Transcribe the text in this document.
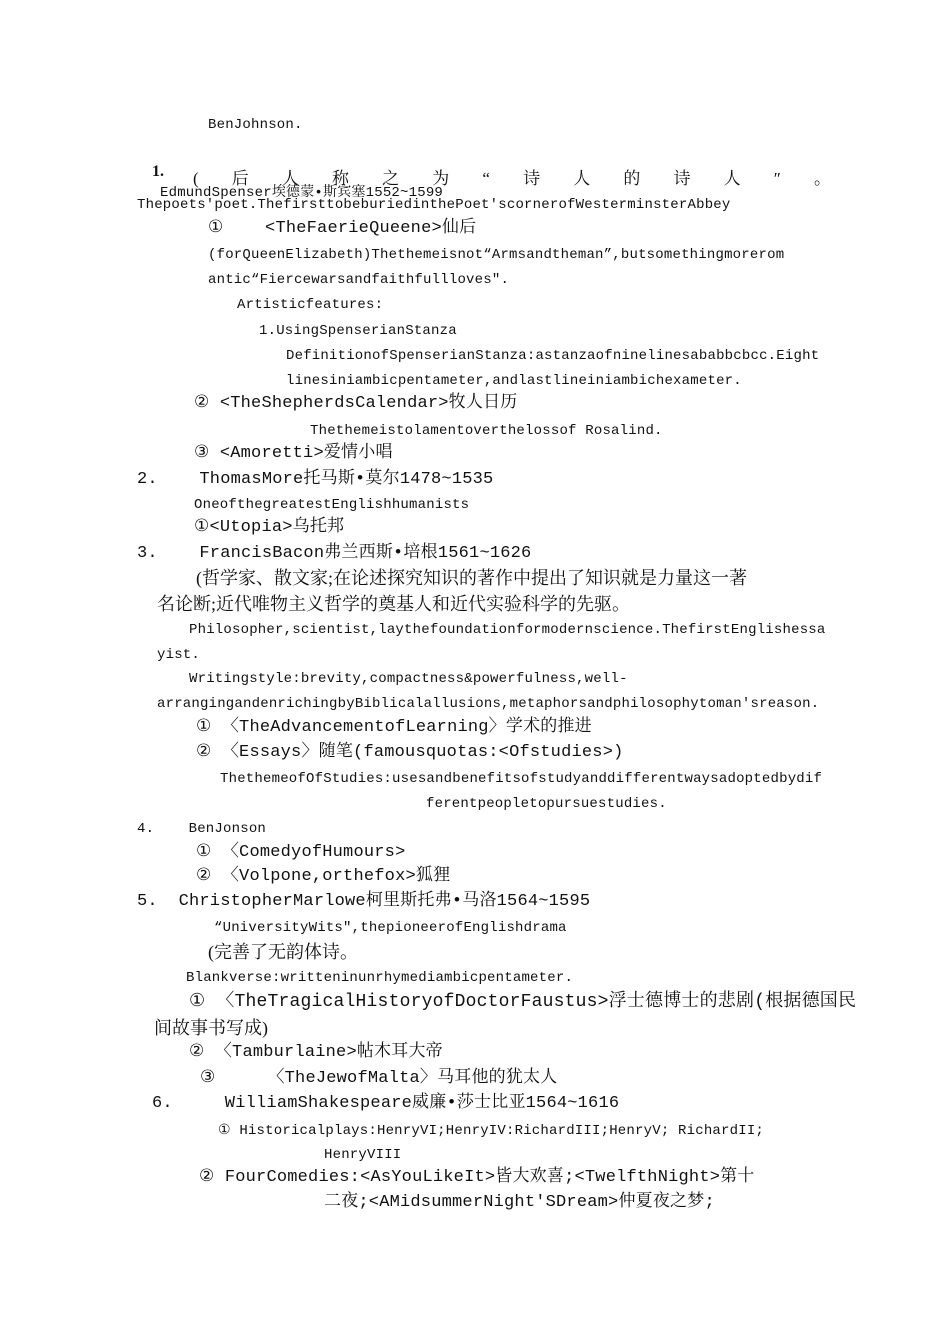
BenJohnson.

1.
EdmundSpenser埃德蒙•斯宾塞1552~1599

( 后 人 称 之 为 “ 诗 人 的 诗 人 ″ 。
Thepoets'poet.ThefirsttobeburiedinthePoet'scornerofWesterminsterAbbey
①    <TheFaerieQueene>仙后
(forQueenElizabeth)Thethemeisnot“Armsandtheman”,butsomethingmorerom
antic“Fiercewarsandfaithfullloves″.
Artisticfeatures:
1.UsingSpenserianStanza
DefinitionofSpenserianStanza:astanzaofninelinesababbcbcc.Eight
linesiniambicpentameter,andlastlineiniambichexameter.
② <TheShepherdsCalendar>牧人日历
Thethemeistolamentoverthelossof Rosalind.
③ <Amoretti>爱情小唱
2.    ThomasMore托马斯•莫尔1478~1535
OneofthegreatestEnglishhumanists
①<Utopia>乌托邦
3.    FrancisBacon弗兰西斯•培根1561~1626
(哲学家、散文家;在论述探究知识的著作中提出了知识就是力量这一著
名论断;近代唯物主义哲学的奠基人和近代实验科学的先驱。
Philosopher,scientist,laythefoundationformodernscience.ThefirstEnglishessa
yist.
Writingstyle:brevity,compactness&powerfulness,well-
arrangingandenrichingbyBiblicalallusions,metaphorsandphilosophytoman'sreason.
① 〈TheAdvancementofLearning〉学术的推进
② 〈Essays〉随笔(famousquotas:<Ofstudies>)
ThethemeofOfStudies:usesandbenefitsofstudyanddifferentwaysadoptedbydif
ferentpeopletopursuestudies.
4.    BenJonson
① 〈ComedyofHumours>
② 〈Volpone,orthefox>狐狸
5.  ChristopherMarlowe柯里斯托弗•马洛1564~1595
“UniversityWits″,thepioneerofEnglishdrama
(完善了无韵体诗。
Blankverse:writteninunrhymediambicpentameter.
① 〈TheTragicalHistoryofDoctorFaustus>浮士德博士的悲剧(根据德国民
间故事书写成)
② 〈Tamburlaine>帖木耳大帝
③     〈TheJewofMalta〉马耳他的犹太人
6.     WilliamShakespeare威廉•莎士比亚1564~1616
① Historicalplays:HenryVI;HenryIV:RichardIII;HenryV; RichardII;
HenryVIII
② FourComedies:<AsYouLikeIt>皆大欢喜;<TwelfthNight>第十
二夜;<AMidsummerNight'SDream>仲夏夜之梦;
